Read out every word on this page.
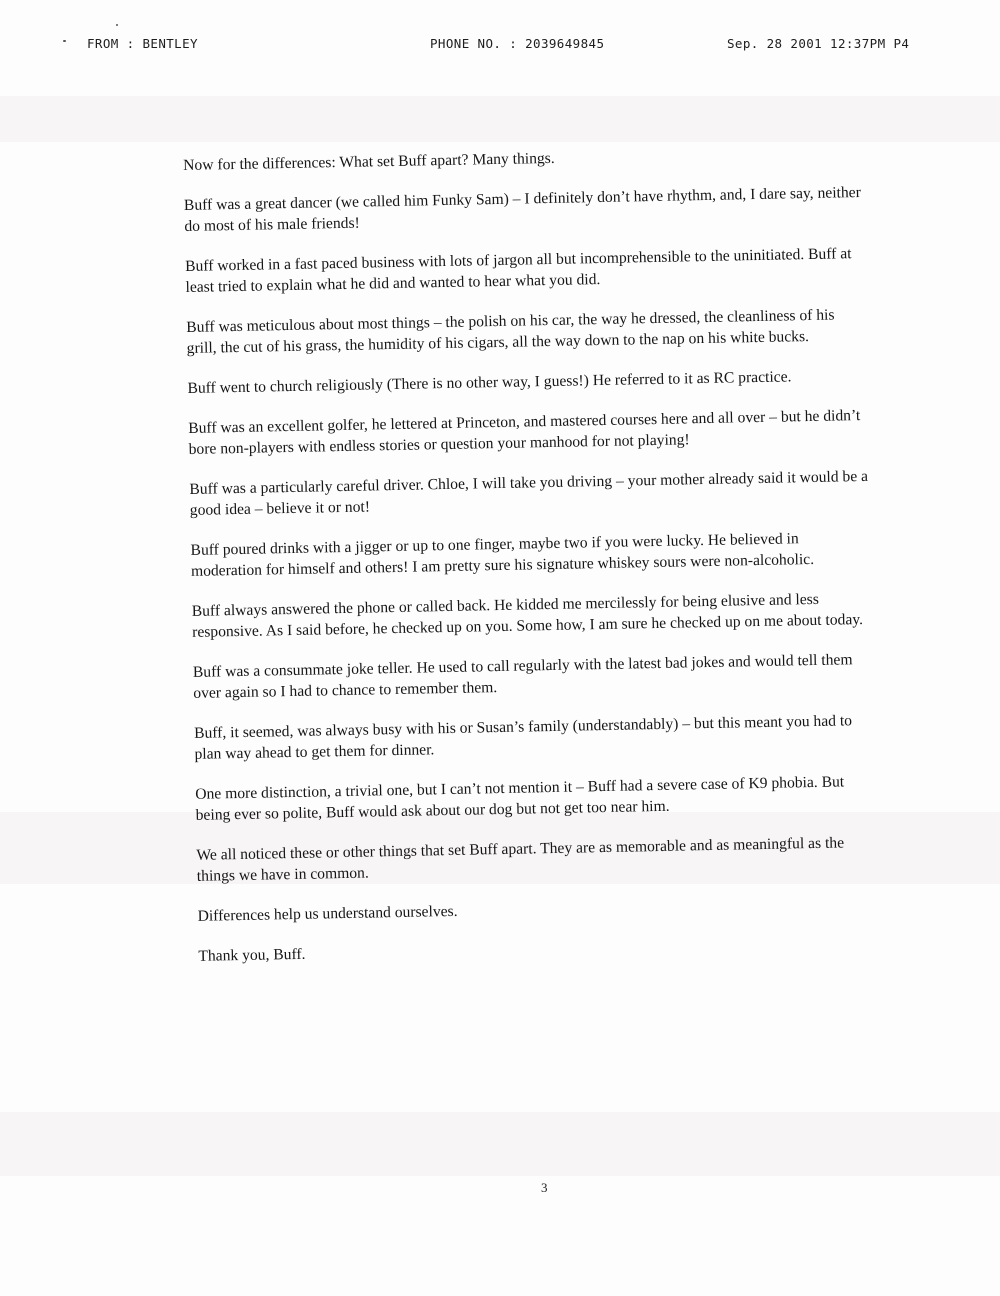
FROM : BENTLEY	PHONE NO. : 2039649845	Sep. 28 2001 12:37PM P4

Now for the differences: What set Buff apart? Many things.

Buff was a great dancer (we called him Funky Sam) – I definitely don’t have rhythm, and, I dare say, neither do most of his male friends!

Buff worked in a fast paced business with lots of jargon all but incomprehensible to the uninitiated. Buff at least tried to explain what he did and wanted to hear what you did.

Buff was meticulous about most things – the polish on his car, the way he dressed, the cleanliness of his grill, the cut of his grass, the humidity of his cigars, all the way down to the nap on his white bucks.

Buff went to church religiously (There is no other way, I guess!) He referred to it as RC practice.

Buff was an excellent golfer, he lettered at Princeton, and mastered courses here and all over – but he didn’t bore non-players with endless stories or question your manhood for not playing!

Buff was a particularly careful driver. Chloe, I will take you driving – your mother already said it would be a good idea – believe it or not!

Buff poured drinks with a jigger or up to one finger, maybe two if you were lucky. He believed in moderation for himself and others! I am pretty sure his signature whiskey sours were non-alcoholic.

Buff always answered the phone or called back. He kidded me mercilessly for being elusive and less responsive. As I said before, he checked up on you. Some how, I am sure he checked up on me about today.

Buff was a consummate joke teller. He used to call regularly with the latest bad jokes and would tell them over again so I had to chance to remember them.

Buff, it seemed, was always busy with his or Susan’s family (understandably) – but this meant you had to plan way ahead to get them for dinner.

One more distinction, a trivial one, but I can’t not mention it – Buff had a severe case of K9 phobia. But being ever so polite, Buff would ask about our dog but not get too near him.

We all noticed these or other things that set Buff apart. They are as memorable and as meaningful as the things we have in common.

Differences help us understand ourselves.

Thank you, Buff.

3
